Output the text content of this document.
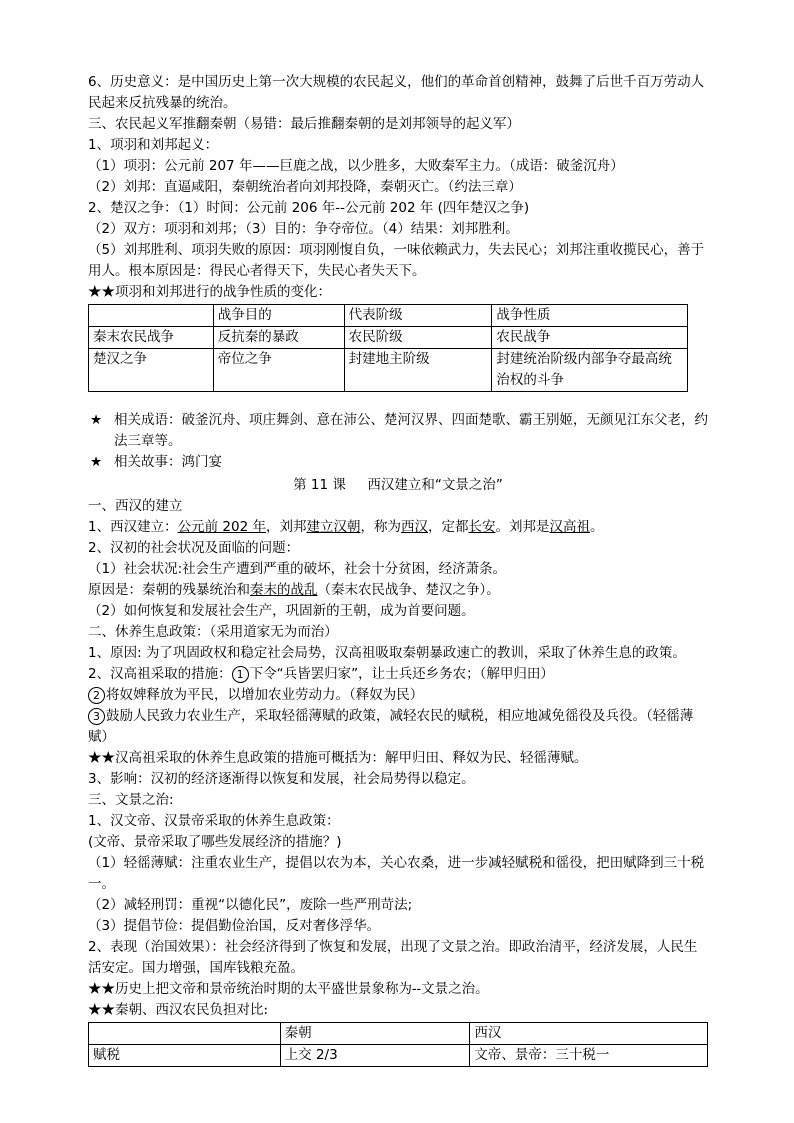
6、历史意义：是中国历史上第一次大规模的农民起义，他们的革命首创精神，鼓舞了后世千百万劳动人民起来反抗残暴的统治。
三、农民起义军推翻秦朝（易错：最后推翻秦朝的是刘邦领导的起义军）
1、项羽和刘邦起义：
（1）项羽：公元前 207 年——巨鹿之战，以少胜多，大败秦军主力。（成语：破釜沉舟）
（2）刘邦：直逼咸阳，秦朝统治者向刘邦投降，秦朝灭亡。（约法三章）
2、楚汉之争：（1）时间：公元前 206 年--公元前 202 年 (四年楚汉之争)
（2）双方：项羽和刘邦；（3）目的：争夺帝位。（4）结果：刘邦胜利。
（5）刘邦胜利、项羽失败的原因：项羽刚愎自负，一味依赖武力，失去民心；刘邦注重收揽民心，善于用人。根本原因是：得民心者得天下，失民心者失天下。
★★项羽和刘邦进行的战争性质的变化：
	战争目的	代表阶级	战争性质
秦末农民战争	反抗秦的暴政	农民阶级	农民战争
楚汉之争	帝位之争	封建地主阶级	封建统治阶级内部争夺最高统治权的斗争
★ 相关成语：破釜沉舟、项庄舞剑、意在沛公、楚河汉界、四面楚歌、霸王别姬，无颜见江东父老，约法三章等。
★ 相关故事：鸿门宴
第 11 课     西汉建立和“文景之治”
一、西汉的建立
1、西汉建立：公元前 202 年，刘邦建立汉朝，称为西汉，定都长安。刘邦是汉高祖。
2、汉初的社会状况及面临的问题：
（1）社会状况:社会生产遭到严重的破坏，社会十分贫困，经济萧条。
原因是：秦朝的残暴统治和秦末的战乱（秦末农民战争、楚汉之争）。
（2）如何恢复和发展社会生产，巩固新的王朝，成为首要问题。
二、休养生息政策：（采用道家无为而治）
1、原因: 为了巩固政权和稳定社会局势，汉高祖吸取秦朝暴政速亡的教训，采取了休养生息的政策。
2、汉高祖采取的措施： 1 下令“兵皆罢归家”，让士兵还乡务农；（解甲归田）
2 将奴婢释放为平民，以增加农业劳动力。（释奴为民）
3 鼓励人民致力农业生产，采取轻徭薄赋的政策，减轻农民的赋税，相应地减免徭役及兵役。（轻徭薄赋）
★★汉高祖采取的休养生息政策的措施可概括为：解甲归田、释奴为民、轻徭薄赋。
3、影响：汉初的经济逐渐得以恢复和发展，社会局势得以稳定。
三、文景之治:
1、汉文帝、汉景帝采取的休养生息政策：
(文帝、景帝采取了哪些发展经济的措施？)
（1）轻徭薄赋：注重农业生产，提倡以农为本，关心农桑，进一步减轻赋税和徭役，把田赋降到三十税一。
（2）减轻刑罚：重视“以德化民”，废除一些严刑苛法;
（3）提倡节俭：提倡勤俭治国，反对奢侈浮华。
2、表现（治国效果）：社会经济得到了恢复和发展，出现了文景之治。即政治清平，经济发展，人民生活安定。国力增强，国库钱粮充盈。
★★历史上把文帝和景帝统治时期的太平盛世景象称为--文景之治。
★★秦朝、西汉农民负担对比:
	秦朝	西汉
赋税	上交 2/3	文帝、景帝：三十税一
